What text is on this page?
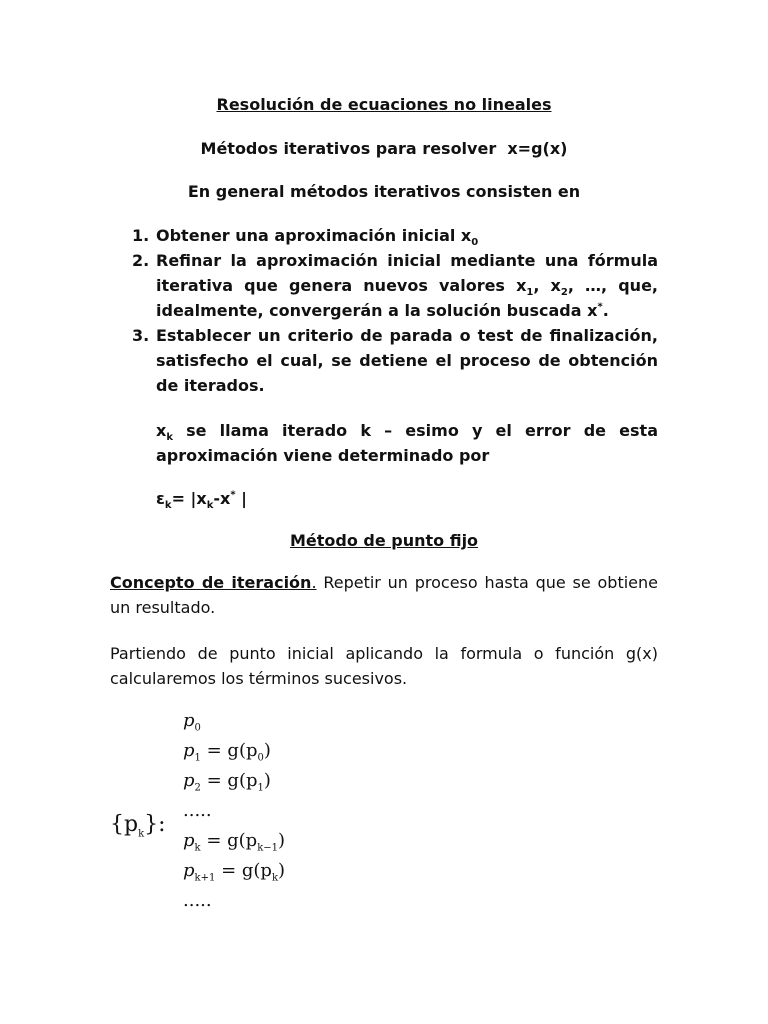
Resolución de ecuaciones no lineales
Métodos iterativos para resolver  x=g(x)
En general métodos iterativos consisten en
1. Obtener una aproximación inicial $x_0$
2. Refinar la aproximación inicial mediante una fórmula
iterativa que genera nuevos valores $x_1$, $x_2$, …, que,
idealmente, convergerán a la solución buscada x*.
3. Establecer un criterio de parada o test de finalización,
satisfecho el cual, se detiene el proceso de obtención
de iterados.
$x_k$ se llama iterado k – esimo y el error de esta
aproximación viene determinado por
$\varepsilon_k= |x_k-x^*$ |
Método de punto fijo
Concepto de iteración. Repetir un proceso hasta que se obtiene
un resultado.
Partiendo de punto inicial aplicando la formula o función g(x)
calcularemos los términos sucesivos.
$\{p_k\}$:
$p_0$
$p_1 = g(p_0)$
$p_2 = g(p_1)$
.....
$p_k = g(p_{k-1})$
$p_{k+1} = g(p_k)$
.....
